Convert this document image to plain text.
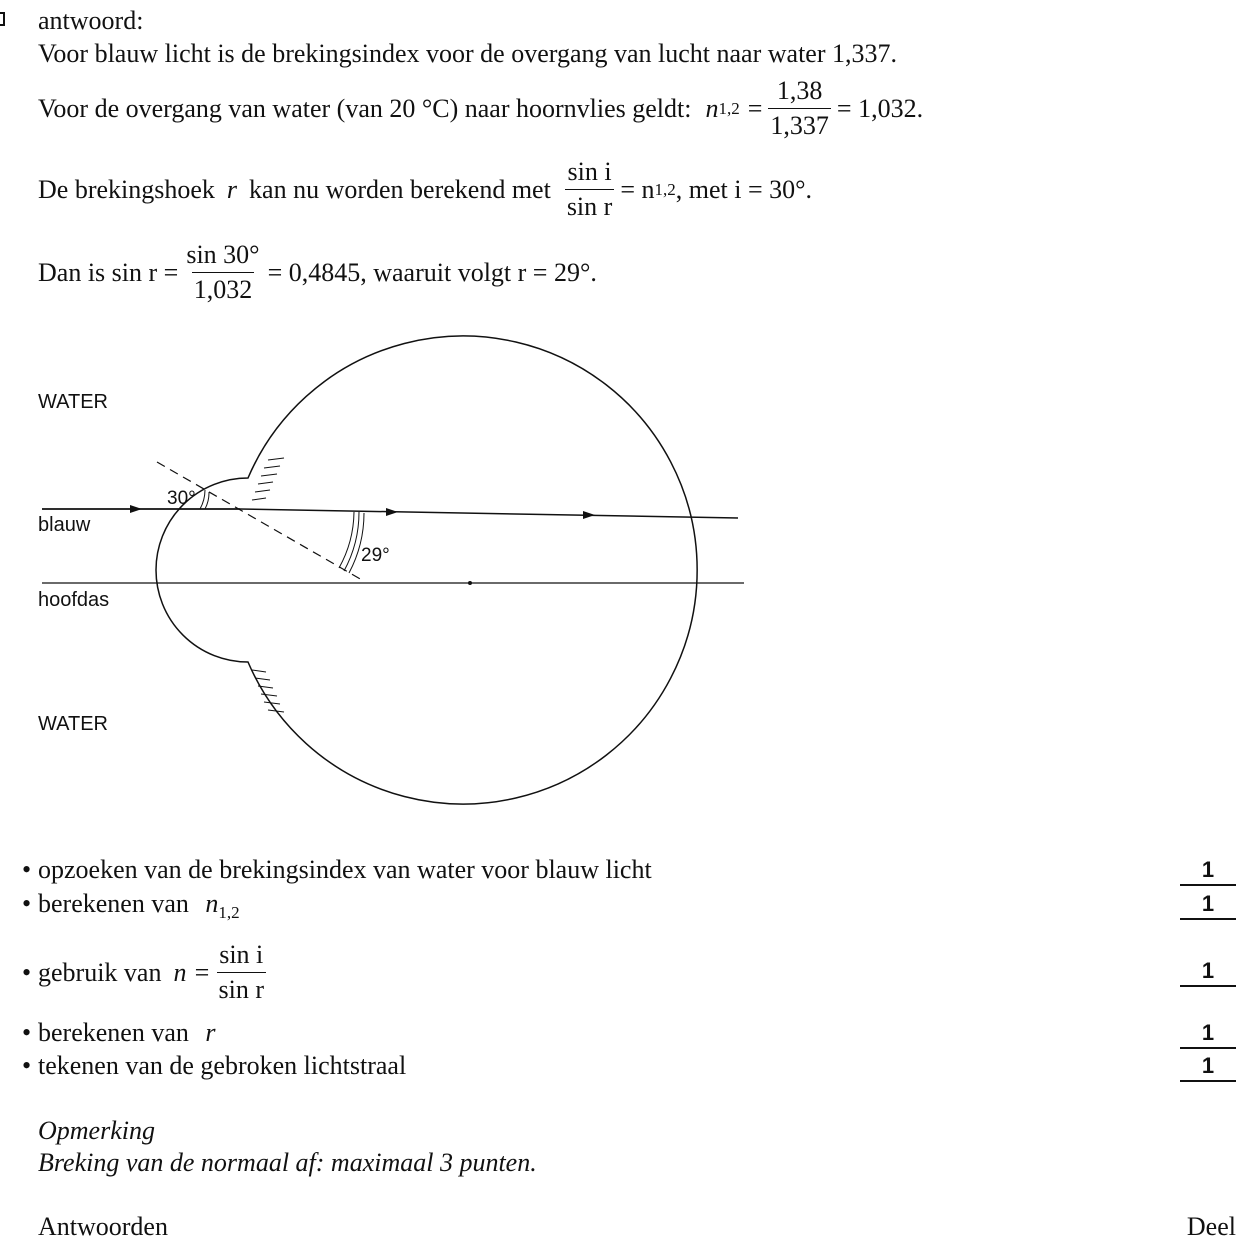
antwoord:
Voor blauw licht is de brekingsindex voor de overgang van lucht naar water 1,337.
Voor de overgang van water (van 20 °C) naar hoornvlies geldt: n $1,2 = \frac{1,38}{1,337} = 1,032$.
De brekingshoek r kan nu worden berekend met $\frac{\text{sin i}}{\text{sin r}} = n$ 1,2 , met i = 30°.
Dan is $\sin r = \frac{\sin 30^\circ}{1,032} = 0,4845$, waaruit volgt r = 29°.
WATER
blauw
hoofdas
WATER
30°
29°
• opzoeken van de brekingsindex van water voor blauw licht	1
• berekenen van $n_{1,2}$	1
• gebruik van $n = \frac{\text{sin i}}{\text{sin r}}$	1
• berekenen van r	1
• tekenen van de gebroken lichtstraal	1
Opmerking
Breking van de normaal af: maximaal 3 punten.
Antwoorden	Deel
